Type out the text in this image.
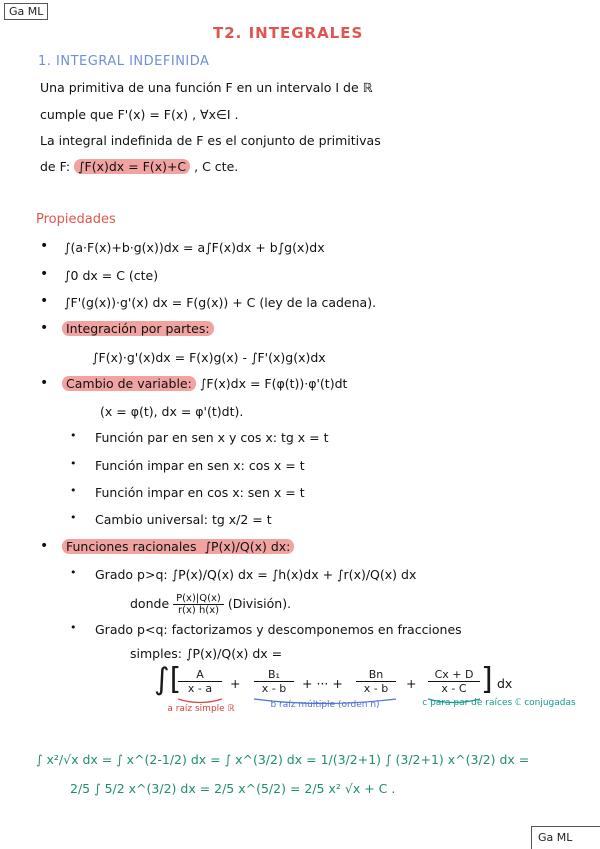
Ga ML
T2. INTEGRALES
1. INTEGRAL INDEFINIDA
Una primitiva de una función F en un intervalo I de ℝ
cumple que F'(x) = F(x) , ∀x∈I .
La integral indefinida de F es el conjunto de primitivas
de F: ∫F(x)dx = F(x)+C , C cte.
Propiedades
• ∫(a·F(x)+b·g(x))dx = a∫F(x)dx + b∫g(x)dx
• ∫0 dx = C (cte)
• ∫F'(g(x))·g'(x) dx = F(g(x)) + C (ley de la cadena).
•	Integración por partes:
∫F(x)·g'(x)dx = F(x)g(x) - ∫F'(x)g(x)dx
•	Cambio de variable: ∫F(x)dx = F(φ(t))·φ'(t)dt
(x = φ(t), dx = φ'(t)dt).
• Función par en sen x y cos x: tg x = t
• Función impar en sen x: cos x = t
• Función impar en cos x: sen x = t
• Cambio universal: tg x/2 = t
•	Funciones racionales ∫P(x)/Q(x) dx:
• Grado p>q: ∫P(x)/Q(x) dx = ∫h(x)dx + ∫r(x)/Q(x) dx
donde $\frac{P(x)|Q(x)}{r(x) h(x)}$ (División).
• Grado p<q: factorizamos y descomponemos en fracciones
simples: ∫P(x)/Q(x) dx =
∫[
$\frac{A}{x - a} + \frac{\text{B₁}}{x - b}$ + ··· + $\frac{Bn}{x - b} + \frac{Cx + D}{x - C}$ ] dx
a raíz simple ℝ	b raíz múltiple (orden n)	c para par de raíces ℂ conjugadas
∫ x²/√x dx = ∫ x^(2-1/2) dx = ∫ x^(3/2) dx = 1/(3/2+1) ∫ (3/2+1) x^(3/2) dx =
2/5 ∫ 5/2 x^(3/2) dx = 2/5 x^(5/2) = 2/5 x² √x + C .
Ga ML
